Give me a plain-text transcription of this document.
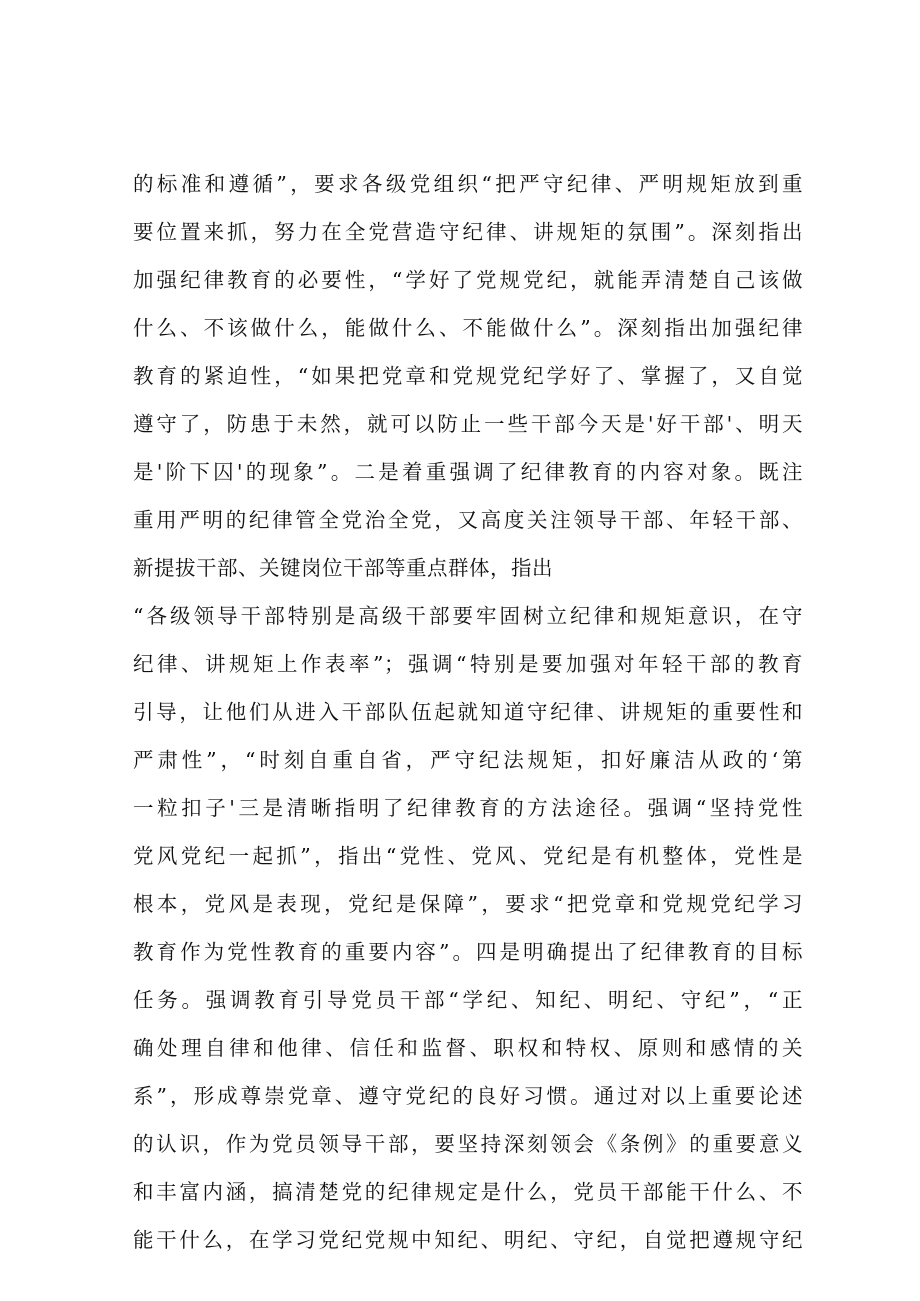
的标准和遵循”，要求各级党组织“把严守纪律、严明规矩放到重
要位置来抓，努力在全党营造守纪律、讲规矩的氛围”。深刻指出
加强纪律教育的必要性，“学好了党规党纪，就能弄清楚自己该做
什么、不该做什么，能做什么、不能做什么”。深刻指出加强纪律
教育的紧迫性，“如果把党章和党规党纪学好了、掌握了，又自觉
遵守了，防患于未然，就可以防止一些干部今天是'好干部'、明天
是'阶下囚'的现象”。二是着重强调了纪律教育的内容对象。既注
重用严明的纪律管全党治全党，又高度关注领导干部、年轻干部、
新提拔干部、关键岗位干部等重点群体，指出
“各级领导干部特别是高级干部要牢固树立纪律和规矩意识，在守
纪律、讲规矩上作表率”；强调“特别是要加强对年轻干部的教育
引导，让他们从进入干部队伍起就知道守纪律、讲规矩的重要性和
严肃性”，“时刻自重自省，严守纪法规矩，扣好廉洁从政的‘第
一粒扣子'三是清晰指明了纪律教育的方法途径。强调“坚持党性
党风党纪一起抓”，指出“党性、党风、党纪是有机整体，党性是
根本，党风是表现，党纪是保障”，要求“把党章和党规党纪学习
教育作为党性教育的重要内容”。四是明确提出了纪律教育的目标
任务。强调教育引导党员干部“学纪、知纪、明纪、守纪”，“正
确处理自律和他律、信任和监督、职权和特权、原则和感情的关
系”，形成尊崇党章、遵守党纪的良好习惯。通过对以上重要论述
的认识，作为党员领导干部，要坚持深刻领会《条例》的重要意义
和丰富内涵，搞清楚党的纪律规定是什么，党员干部能干什么、不
能干什么，在学习党纪党规中知纪、明纪、守纪，自觉把遵规守纪
